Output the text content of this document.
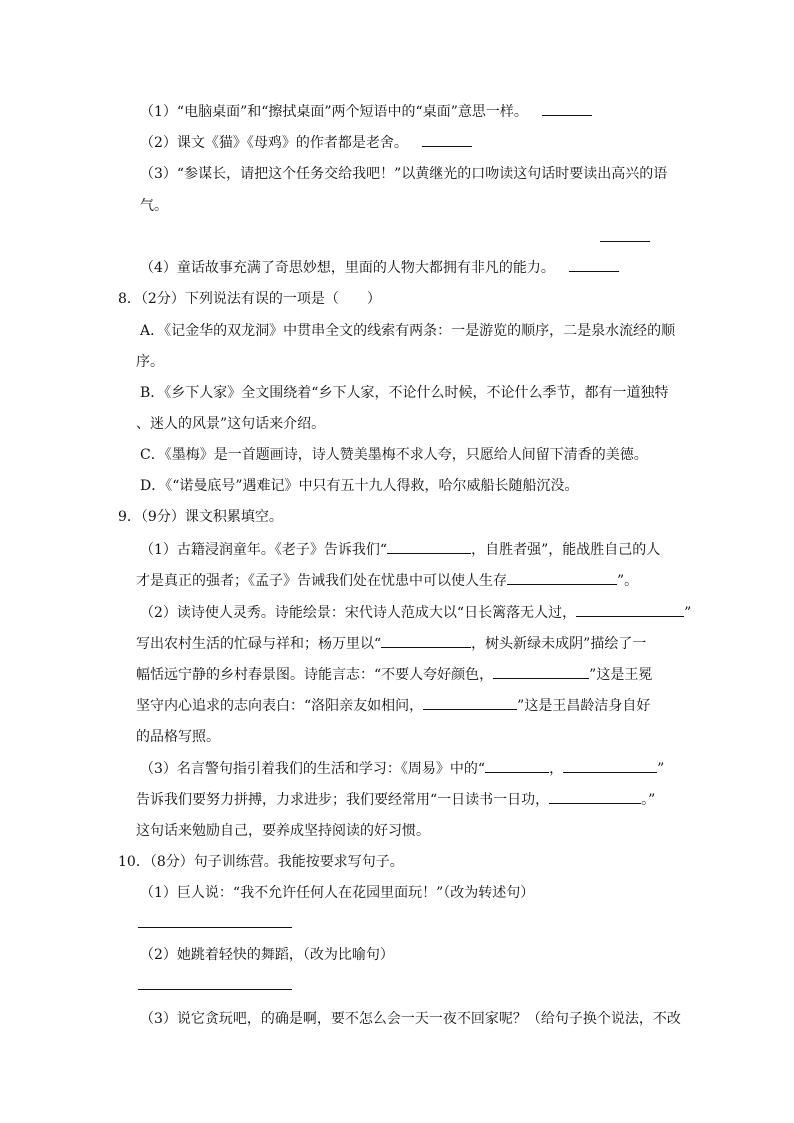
（1）“电脑桌面”和“擦拭桌面”两个短语中的“桌面”意思一样。
（2）课文《猫》《母鸡》的作者都是老舍。
（3）“参谋长，请把这个任务交给我吧！”以黄继光的口吻读这句话时要读出高兴的语
气。
（4）童话故事充满了奇思妙想，里面的人物大都拥有非凡的能力。
8．（2分）下列说法有误的一项是（　　）
A．《记金华的双龙洞》中贯串全文的线索有两条：一是游览的顺序，二是泉水流经的顺
序。
B．《乡下人家》全文围绕着“乡下人家，不论什么时候，不论什么季节，都有一道独特
、迷人的风景”这句话来介绍。
C．《墨梅》是一首题画诗，诗人赞美墨梅不求人夸，只愿给人间留下清香的美德。
D．《“诺曼底号”遇难记》中只有五十九人得救，哈尔威船长随船沉没。
9．（9分）课文积累填空。
（1）古籍浸润童年。《老子》告诉我们“	，自胜者强”，能战胜自己的人
才是真正的强者；《孟子》告诫我们处在忧患中可以使人生存	”。
（2）读诗使人灵秀。诗能绘景：宋代诗人范成大以“日长篱落无人过，	”
写出农村生活的忙碌与祥和；杨万里以“	，树头新绿未成阴”描绘了一
幅恬远宁静的乡村春景图。诗能言志：“不要人夸好颜色，	”这是王冕
坚守内心追求的志向表白：“洛阳亲友如相问，	”这是王昌龄洁身自好
的品格写照。
（3）名言警句指引着我们的生活和学习：《周易》中的“	，	”
告诉我们要努力拼搏，力求进步；我们要经常用“一日读书一日功，	。”
这句话来勉励自己，要养成坚持阅读的好习惯。
10．（8分）句子训练营。我能按要求写句子。
（1）巨人说：“我不允许任何人在花园里面玩！”（改为转述句）
（2）她跳着轻快的舞蹈，（改为比喻句）
（3）说它贪玩吧，的确是啊，要不怎么会一天一夜不回家呢？（给句子换个说法，不改
